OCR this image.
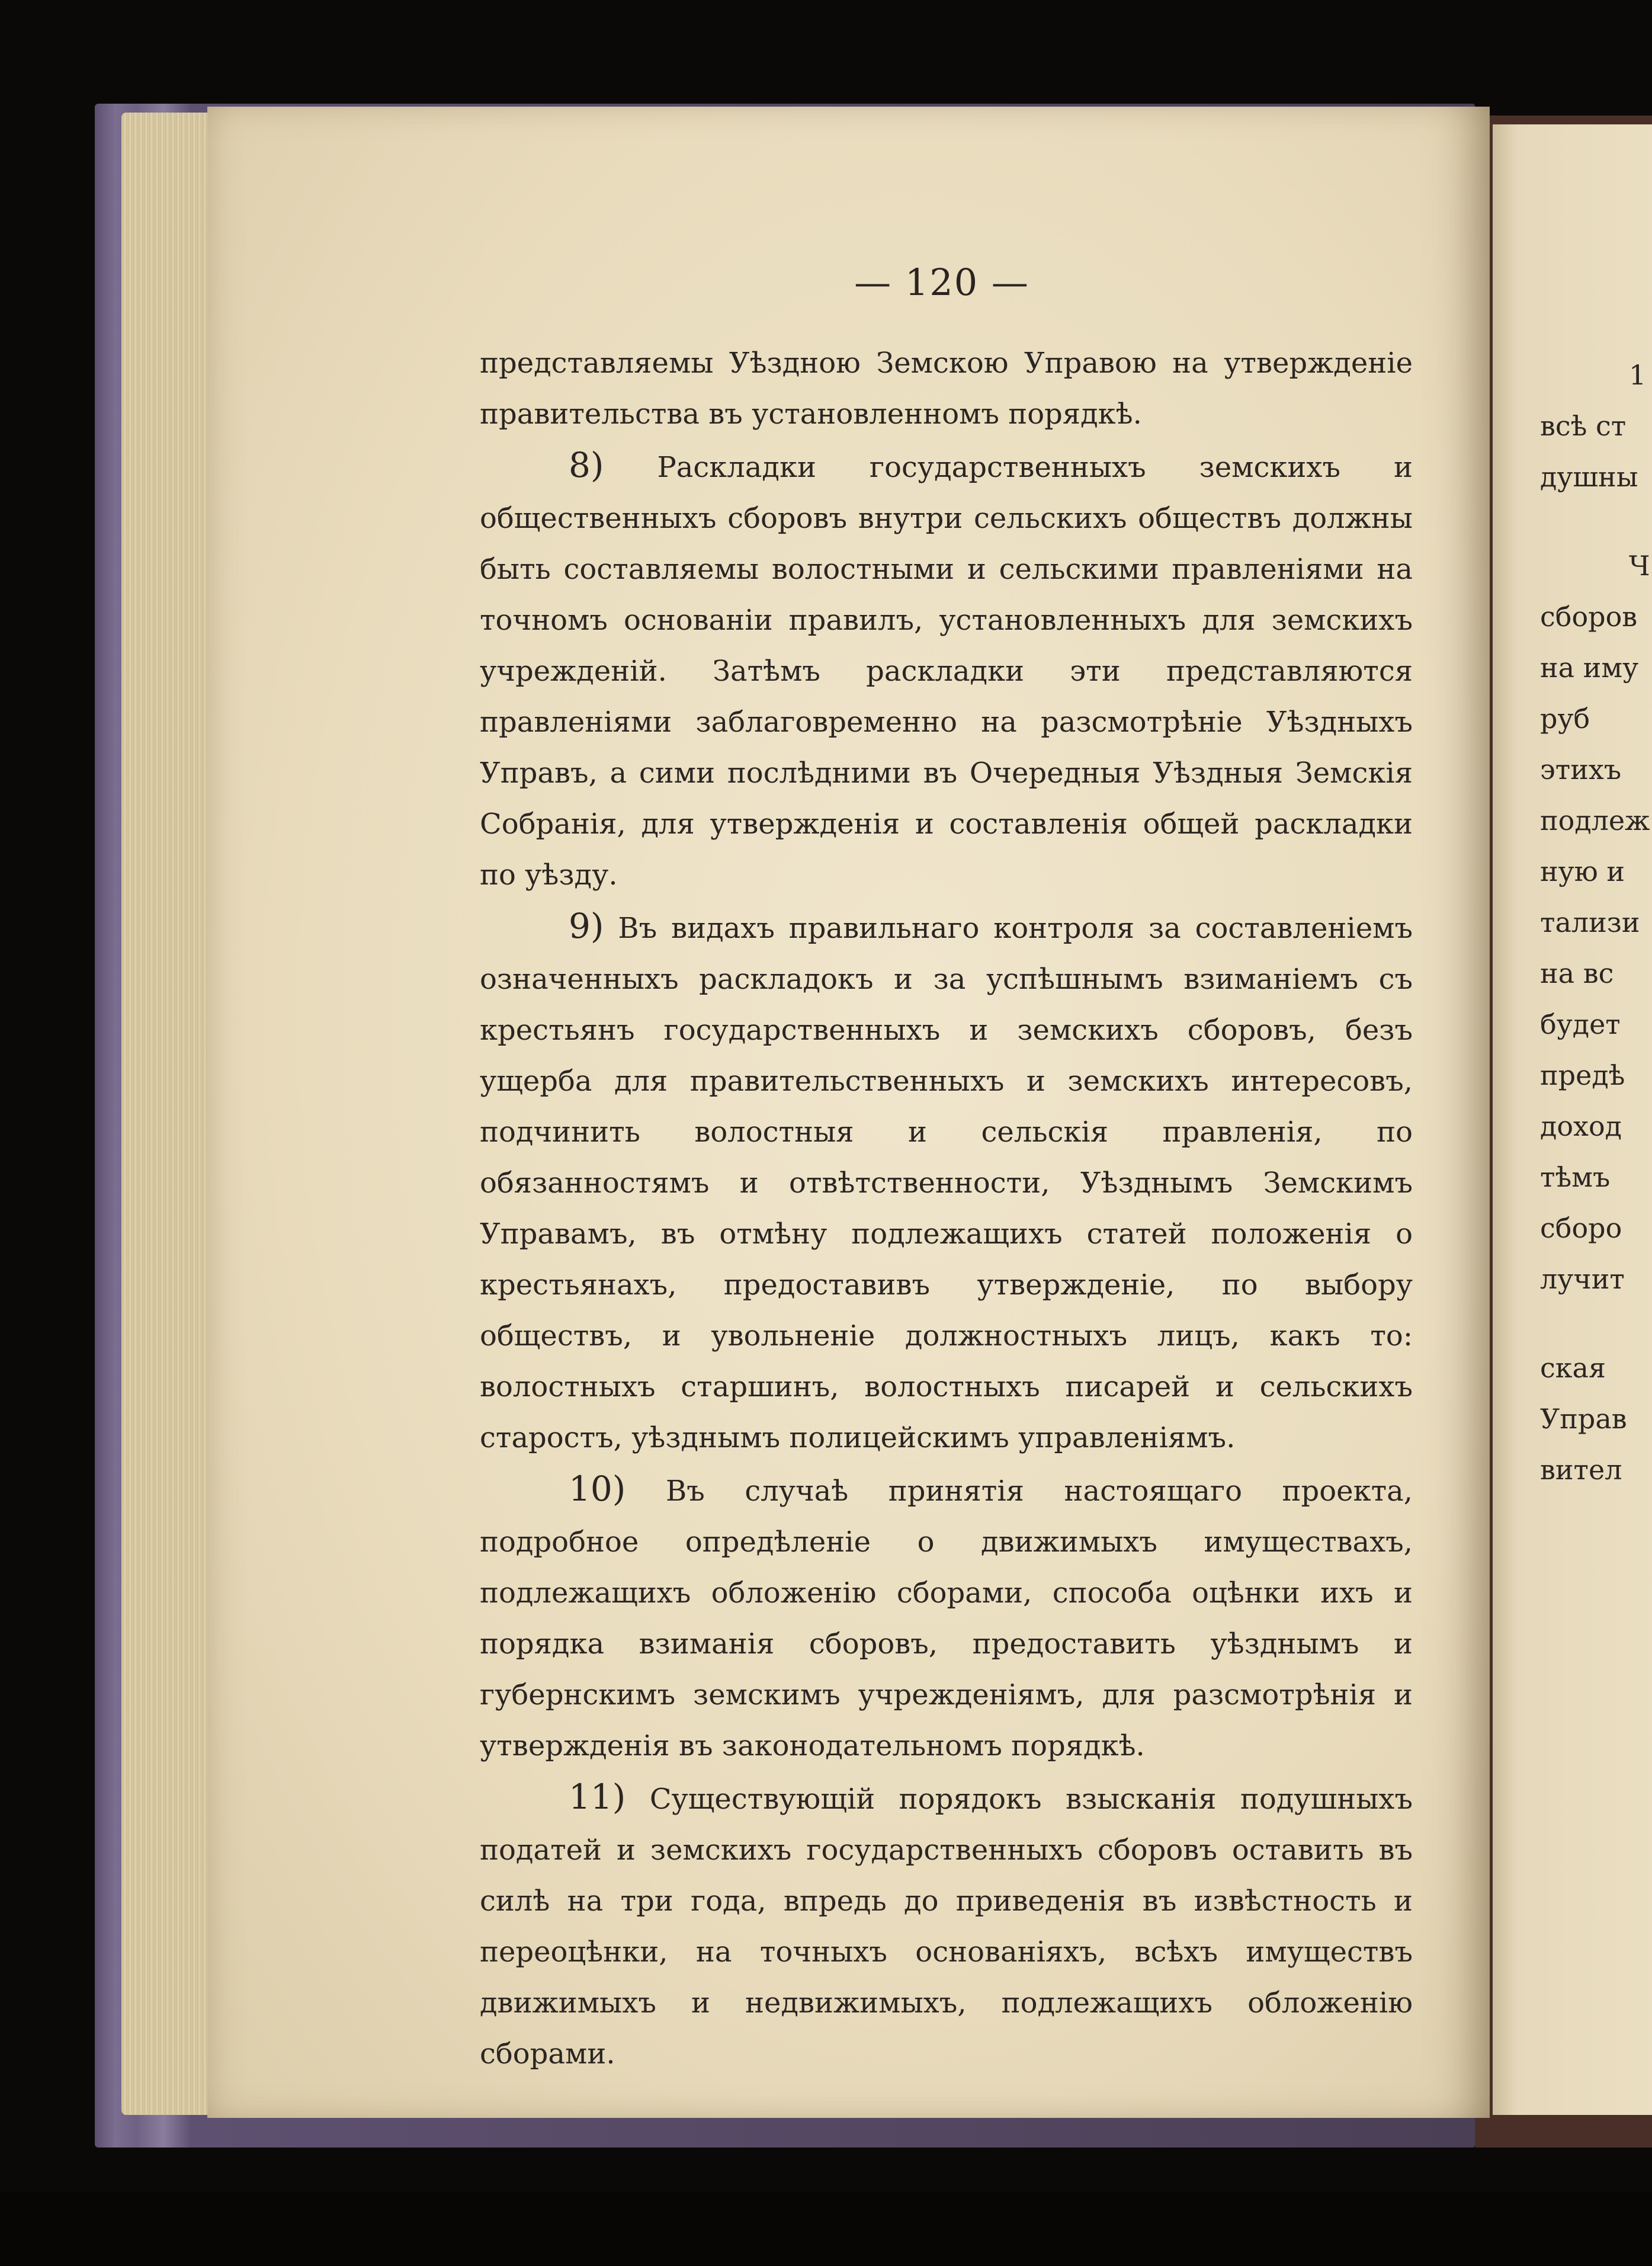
— 120 —

представляемы Уѣздною Земскою Управою на утвержденіе правительства въ установленномъ порядкѣ.

8) Раскладки государственныхъ земскихъ и общественныхъ сборовъ внутри сельскихъ обществъ должны быть составляемы волостными и сельскими правленіями на точномъ основаніи правилъ, установленныхъ для земскихъ учрежденій. Затѣмъ раскладки эти представляются правленіями заблаговременно на разсмотрѣніе Уѣздныхъ Управъ, а сими послѣдними въ Очередныя Уѣздныя Земскія Собранія, для утвержденія и составленія общей раскладки по уѣзду.

9) Въ видахъ правильнаго контроля за составленіемъ означенныхъ раскладокъ и за успѣшнымъ взиманіемъ съ крестьянъ государственныхъ и земскихъ сборовъ, безъ ущерба для правительственныхъ и земскихъ интересовъ, подчинить волостныя и сельскія правленія, по обязанностямъ и отвѣтственности, Уѣзднымъ Земскимъ Управамъ, въ отмѣну подлежащихъ статей положенія о крестьянахъ, предоставивъ утвержденіе, по выбору обществъ, и увольненіе должностныхъ лицъ, какъ то: волостныхъ старшинъ, волостныхъ писарей и сельскихъ старостъ, уѣзднымъ полицейскимъ управленіямъ.

10) Въ случаѣ принятія настоящаго проекта, подробное опредѣленіе о движимыхъ имуществахъ, подлежащихъ обложенію сборами, способа оцѣнки ихъ и порядка взиманія сборовъ, предоставить уѣзднымъ и губернскимъ земскимъ учрежденіямъ, для разсмотрѣнія и утвержденія въ законодательномъ порядкѣ.

11) Существующій порядокъ взысканія подушныхъ податей и земскихъ государственныхъ сборовъ оставить въ силѣ на три года, впредь до приведенія въ извѣстность и переоцѣнки, на точныхъ основаніяхъ, всѣхъ имуществъ движимыхъ и недвижимыхъ, подлежащихъ обложенію сборами.

1
всѣ ст
душны
Ч
сборов
на иму
руб
этихъ
подлеж
ную и
тализи
на вс
будет
предѣ
доход
тѣмъ
сборо
лучит
ская
Управ
вител
